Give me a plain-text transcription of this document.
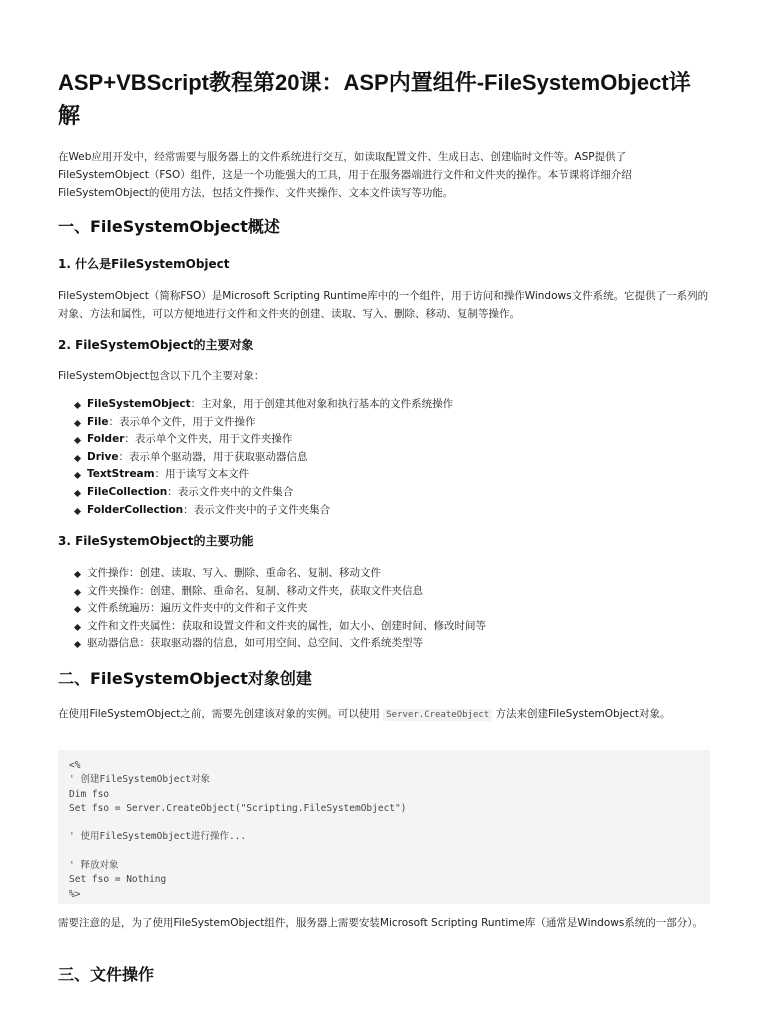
ASP+VBScript教程第20课：ASP内置组件-FileSystemObject详解

在Web应用开发中，经常需要与服务器上的文件系统进行交互，如读取配置文件、生成日志、创建临时文件等。ASP提供了FileSystemObject（FSO）组件，这是一个功能强大的工具，用于在服务器端进行文件和文件夹的操作。本节课将详细介绍FileSystemObject的使用方法，包括文件操作、文件夹操作、文本文件读写等功能。

一、FileSystemObject概述
1. 什么是FileSystemObject

FileSystemObject（简称FSO）是Microsoft Scripting Runtime库中的一个组件，用于访问和操作Windows文件系统。它提供了一系列的对象、方法和属性，可以方便地进行文件和文件夹的创建、读取、写入、删除、移动、复制等操作。

2. FileSystemObject的主要对象

FileSystemObject包含以下几个主要对象：

FileSystemObject：主对象，用于创建其他对象和执行基本的文件系统操作
File：表示单个文件，用于文件操作
Folder：表示单个文件夹，用于文件夹操作
Drive：表示单个驱动器，用于获取驱动器信息
TextStream：用于读写文本文件
FileCollection：表示文件夹中的文件集合
FolderCollection：表示文件夹中的子文件夹集合
3. FileSystemObject的主要功能
文件操作：创建、读取、写入、删除、重命名、复制、移动文件
文件夹操作：创建、删除、重命名、复制、移动文件夹，获取文件夹信息
文件系统遍历：遍历文件夹中的文件和子文件夹
文件和文件夹属性：获取和设置文件和文件夹的属性，如大小、创建时间、修改时间等
驱动器信息：获取驱动器的信息，如可用空间、总空间、文件系统类型等
二、FileSystemObject对象创建

在使用FileSystemObject之前，需要先创建该对象的实例。可以使用 Server.CreateObject 方法来创建FileSystemObject对象。

<%
' 创建FileSystemObject对象
Dim fso
Set fso = Server.CreateObject("Scripting.FileSystemObject")
' 使用FileSystemObject进行操作...
' 释放对象
Set fso = Nothing
%>

需要注意的是，为了使用FileSystemObject组件，服务器上需要安装Microsoft Scripting Runtime库（通常是Windows系统的一部分）。

三、文件操作
